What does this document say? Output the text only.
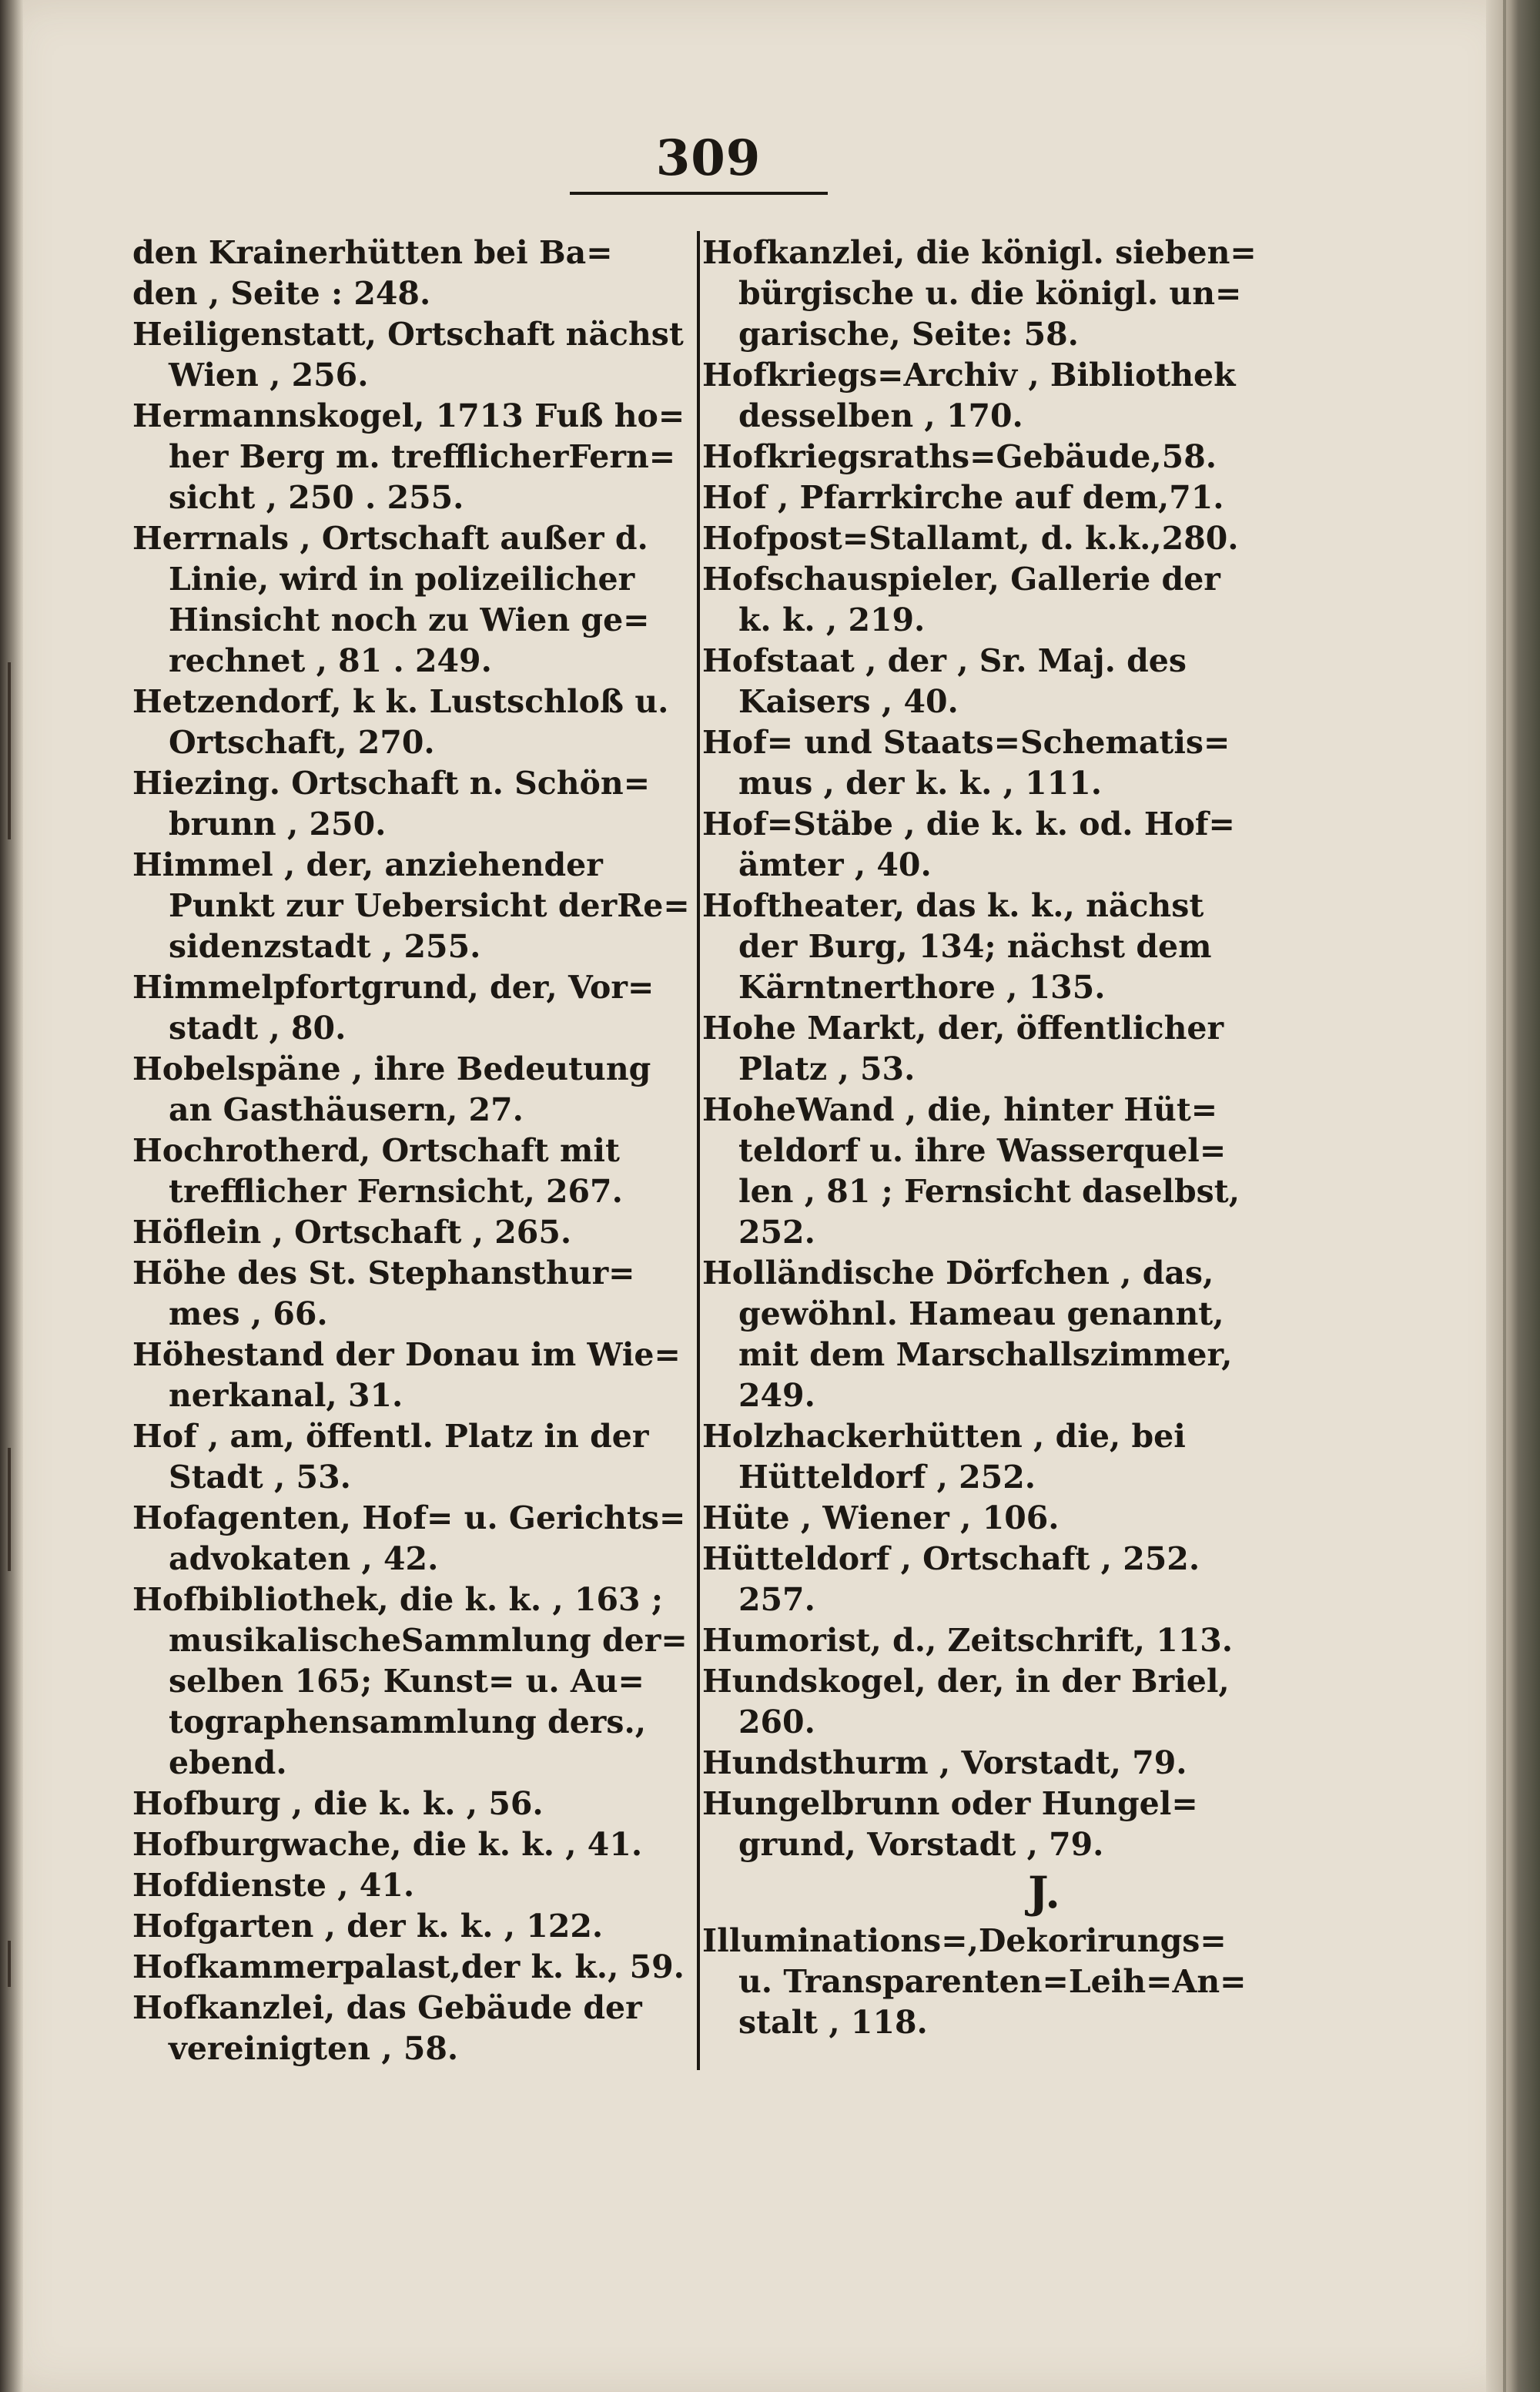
309
den Krainerhütten bei Ba=
den , Seite : 248.
Heiligenstatt, Ortschaft nächst
Wien , 256.
Hermannskogel, 1713 Fuß ho=
her Berg m. trefflicherFern=
sicht , 250 . 255.
Herrnals , Ortschaft außer d.
Linie, wird in polizeilicher
Hinsicht noch zu Wien ge=
rechnet , 81 . 249.
Hetzendorf, k k. Lustschloß u.
Ortschaft, 270.
Hiezing. Ortschaft n. Schön=
brunn , 250.
Himmel , der, anziehender
Punkt zur Uebersicht derRe=
sidenzstadt , 255.
Himmelpfortgrund, der, Vor=
stadt , 80.
Hobelspäne , ihre Bedeutung
an Gasthäusern, 27.
Hochrotherd, Ortschaft mit
trefflicher Fernsicht, 267.
Höflein , Ortschaft , 265.
Höhe des St. Stephansthur=
mes , 66.
Höhestand der Donau im Wie=
nerkanal, 31.
Hof , am, öffentl. Platz in der
Stadt , 53.
Hofagenten, Hof= u. Gerichts=
advokaten , 42.
Hofbibliothek, die k. k. , 163 ;
musikalischeSammlung der=
selben 165; Kunst= u. Au=
tographensammlung ders.,
ebend.
Hofburg , die k. k. , 56.
Hofburgwache, die k. k. , 41.
Hofdienste , 41.
Hofgarten , der k. k. , 122.
Hofkammerpalast,der k. k., 59.
Hofkanzlei, das Gebäude der
vereinigten , 58.
Hofkanzlei, die königl. sieben=
bürgische u. die königl. un=
garische, Seite: 58.
Hofkriegs=Archiv , Bibliothek
desselben , 170.
Hofkriegsraths=Gebäude,58.
Hof , Pfarrkirche auf dem,71.
Hofpost=Stallamt, d. k.k.,280.
Hofschauspieler, Gallerie der
k. k. , 219.
Hofstaat , der , Sr. Maj. des
Kaisers , 40.
Hof= und Staats=Schematis=
mus , der k. k. , 111.
Hof=Stäbe , die k. k. od. Hof=
ämter , 40.
Hoftheater, das k. k., nächst
der Burg, 134; nächst dem
Kärntnerthore , 135.
Hohe Markt, der, öffentlicher
Platz , 53.
HoheWand , die, hinter Hüt=
teldorf u. ihre Wasserquel=
len , 81 ; Fernsicht daselbst,
252.
Holländische Dörfchen , das,
gewöhnl. Hameau genannt,
mit dem Marschallszimmer,
249.
Holzhackerhütten , die, bei
Hütteldorf , 252.
Hüte , Wiener , 106.
Hütteldorf , Ortschaft , 252.
257.
Humorist, d., Zeitschrift, 113.
Hundskogel, der, in der Briel,
260.
Hundsthurm , Vorstadt, 79.
Hungelbrunn oder Hungel=
grund, Vorstadt , 79.
J.
Illuminations=,Dekorirungs=
u. Transparenten=Leih=An=
stalt , 118.
